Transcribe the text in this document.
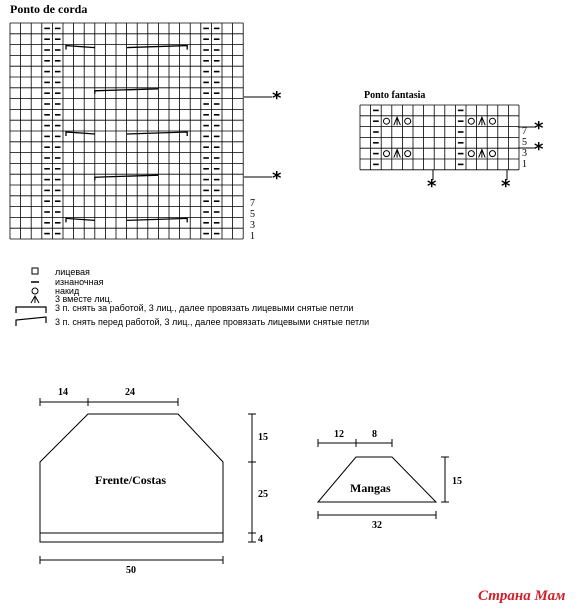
Ponto de corda
7
5
3
1
*
*
Ponto fantasia
7
5
3
1
*
*
*	*
лицевая
изнаночная
накид
3 вместе лиц.
3 п. снять за работой, 3 лиц., далее провязать лицевыми снятые петли
3 п. снять перед работой, 3 лиц., далее провязать лицевыми снятые петли
Frente/Costas
14	24
15
25
4
50
Mangas
12	8
15
32
Страна Мам
